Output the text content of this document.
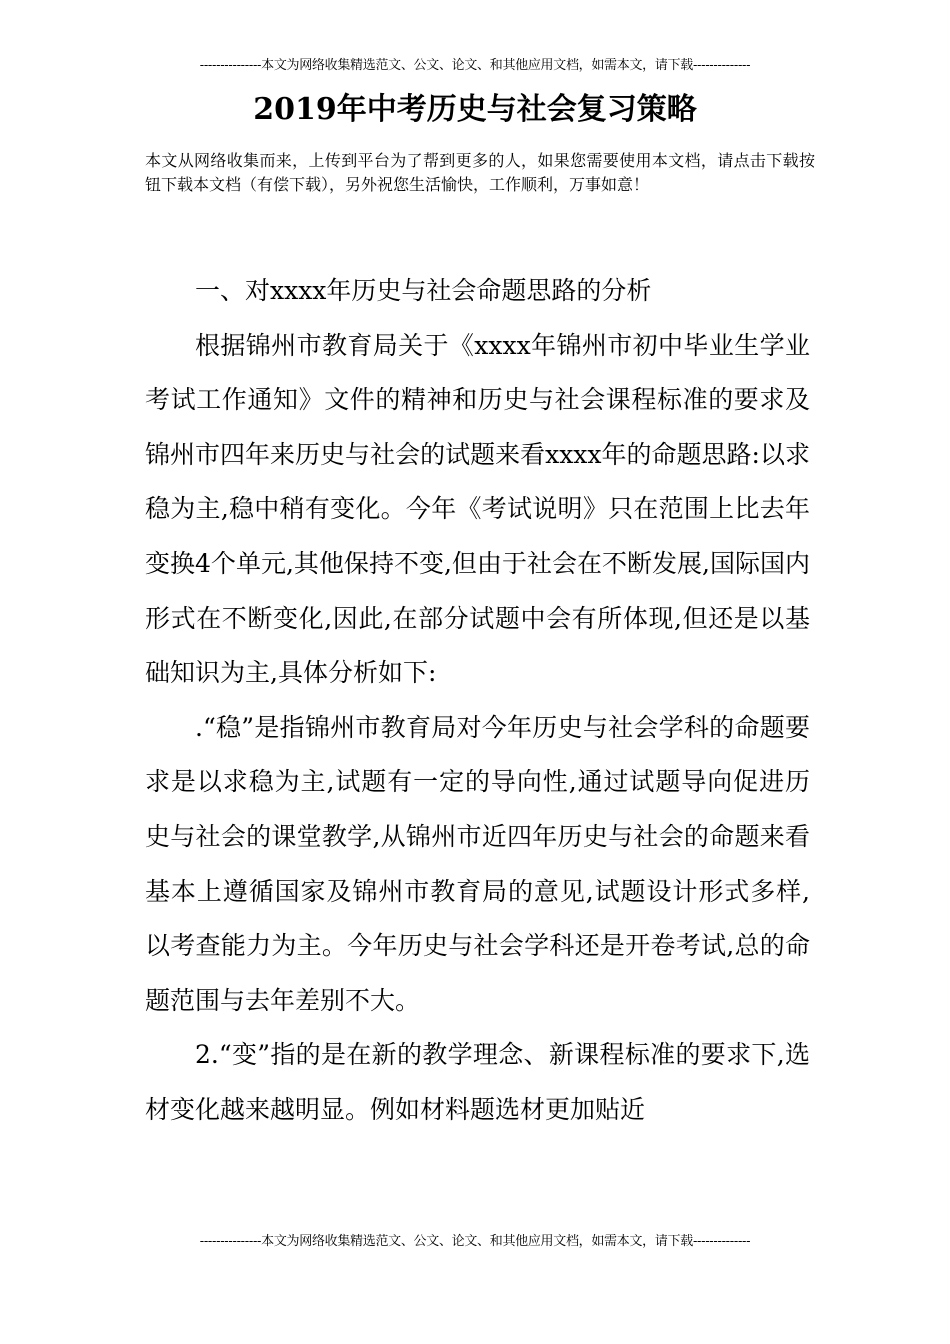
---------------本文为网络收集精选范文、公文、论文、和其他应用文档，如需本文，请下载--------------
2019年中考历史与社会复习策略

本文从网络收集而来，上传到平台为了帮到更多的人，如果您需要使用本文档，请点击下载按钮下载本文档（有偿下载），另外祝您生活愉快，工作顺利，万事如意！

一、对xxxx年历史与社会命题思路的分析

根据锦州市教育局关于《xxxx年锦州市初中毕业生学业考试工作通知》文件的精神和历史与社会课程标准的要求及锦州市四年来历史与社会的试题来看xxxx年的命题思路:以求稳为主,稳中稍有变化。今年《考试说明》只在范围上比去年变换4个单元,其他保持不变,但由于社会在不断发展,国际国内形式在不断变化,因此,在部分试题中会有所体现,但还是以基础知识为主,具体分析如下:

.“稳”是指锦州市教育局对今年历史与社会学科的命题要求是以求稳为主,试题有一定的导向性,通过试题导向促进历史与社会的课堂教学,从锦州市近四年历史与社会的命题来看基本上遵循国家及锦州市教育局的意见,试题设计形式多样,以考查能力为主。今年历史与社会学科还是开卷考试,总的命题范围与去年差别不大。

2.“变”指的是在新的教学理念、新课程标准的要求下,选材变化越来越明显。例如材料题选材更加贴近

---------------本文为网络收集精选范文、公文、论文、和其他应用文档，如需本文，请下载--------------
